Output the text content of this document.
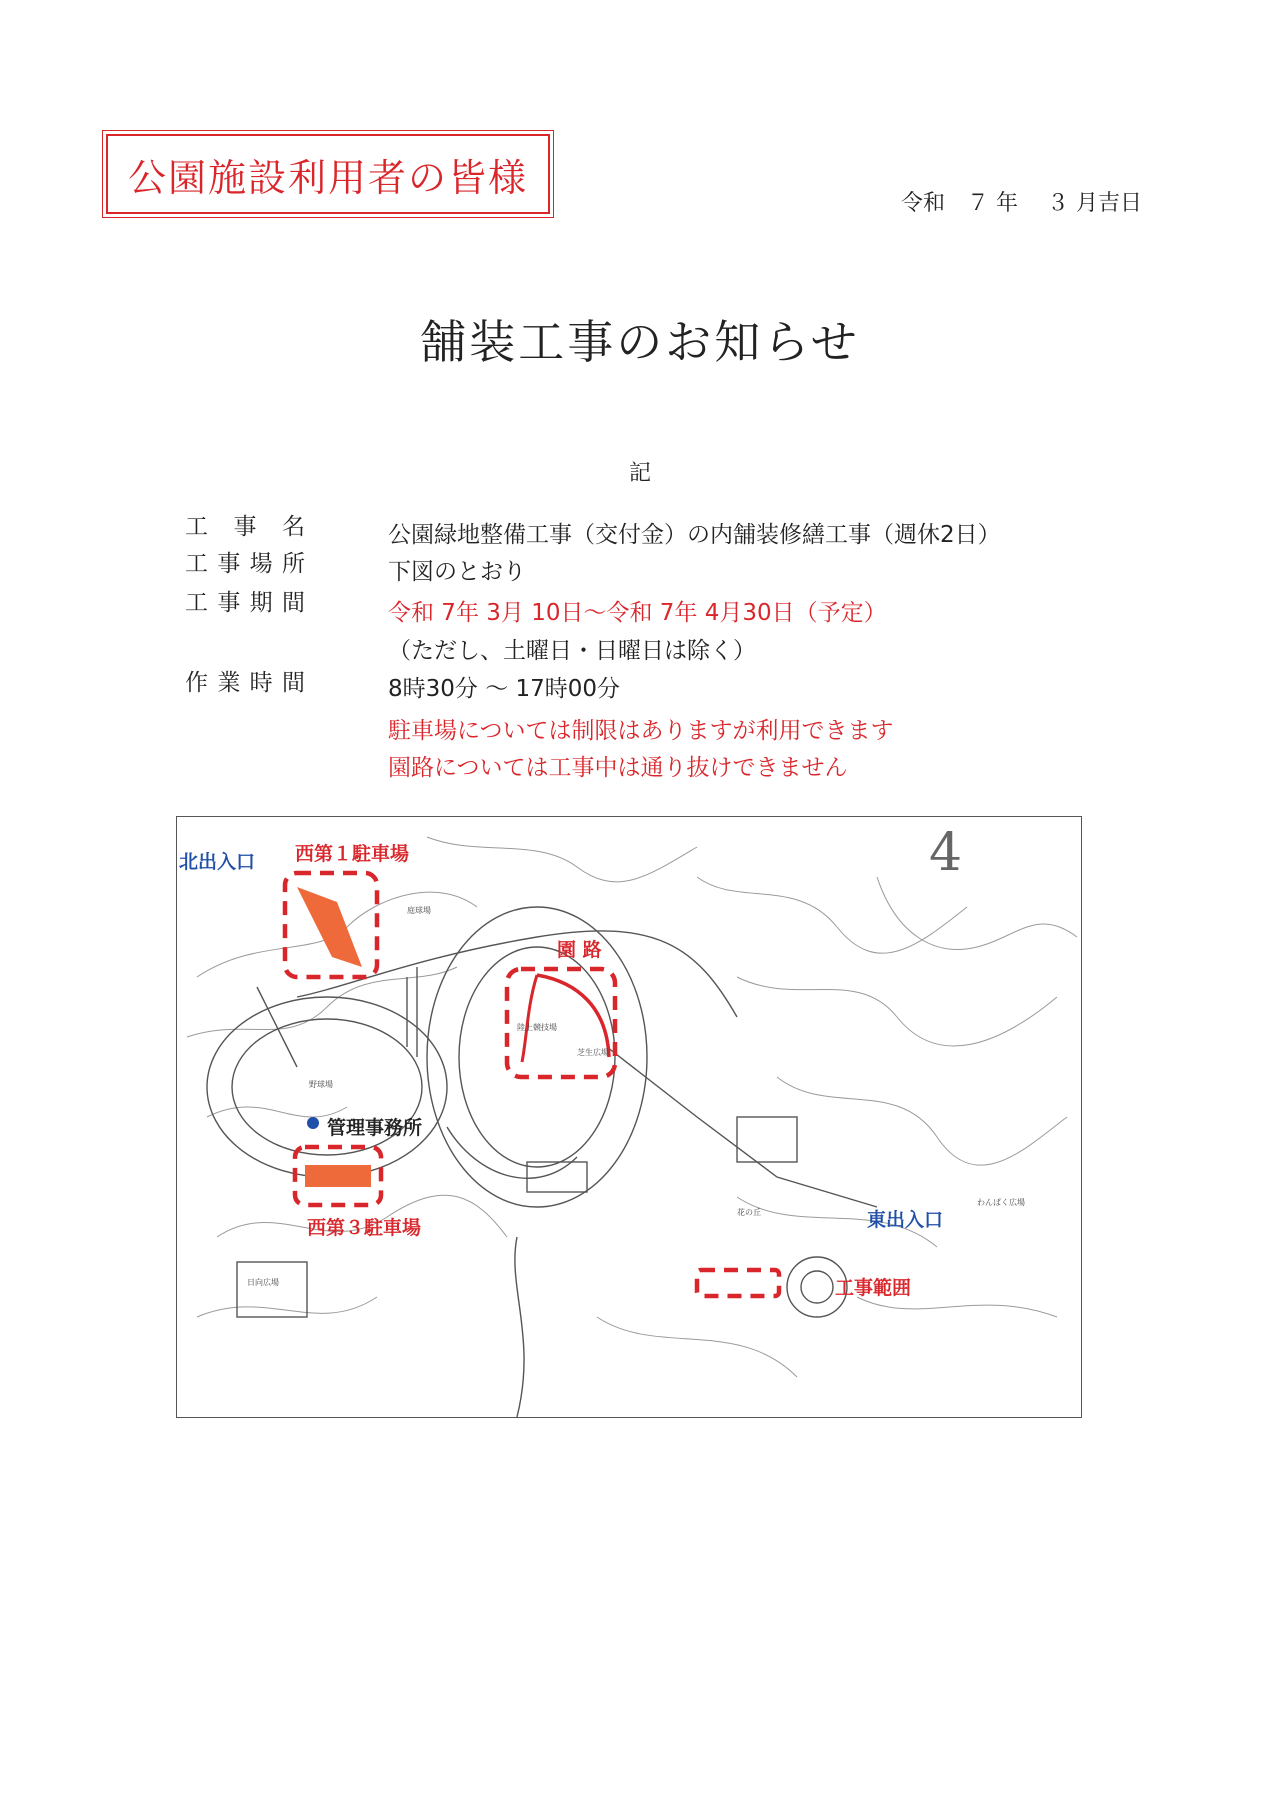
公園施設利用者の皆様
令和　７ 年　 ３ 月吉日
舗装工事のお知らせ
記
工事名	公園緑地整備工事（交付金）の内舗装修繕工事（週休2日）
工事場所	下図のとおり
工事期間	令和 7年 3月 10日～令和 7年 4月30日（予定）
（ただし、土曜日・日曜日は除く）
作業時間	8時30分 ～ 17時00分
駐車場については制限はありますが利用できます
園路については工事中は通り抜けできません
4
北出入口 西第１駐車場
園 路
管理事務所
西第３駐車場	東出入口
工事範囲
野球場
陸上競技場
芝生広場
庭球場
日向広場
わんぱく広場
花の丘
